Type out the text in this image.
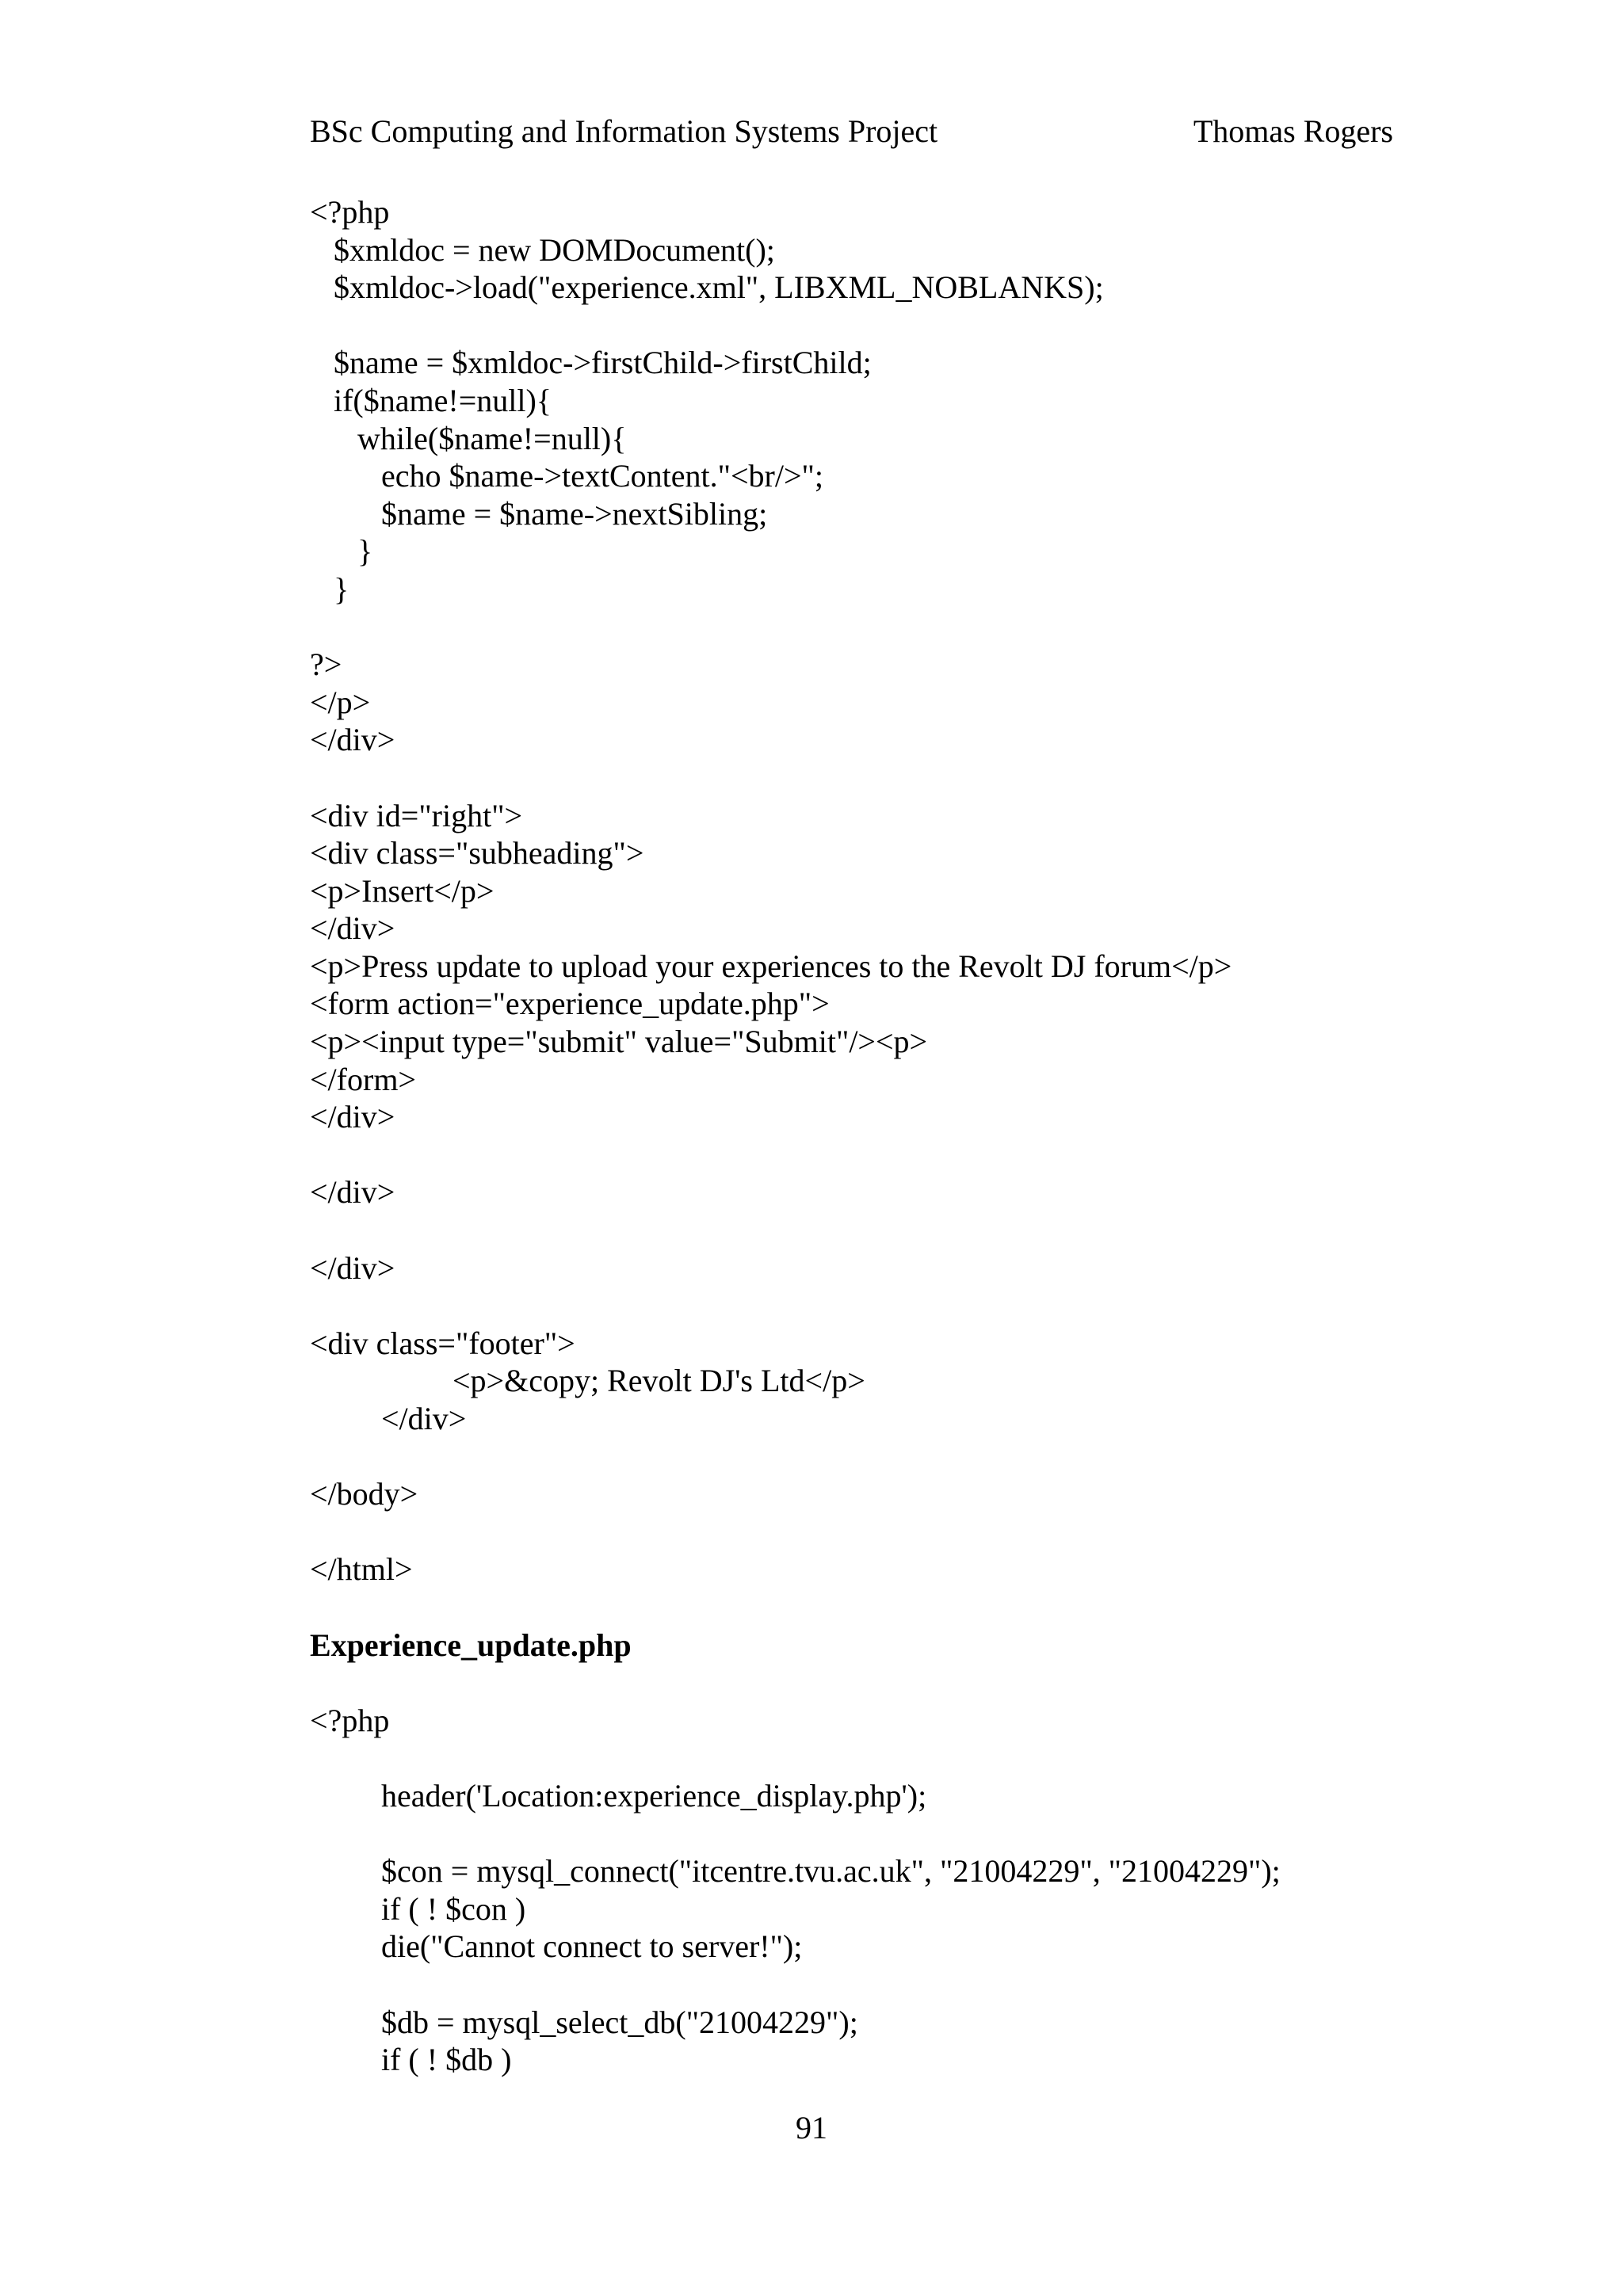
BSc Computing and Information Systems Project	Thomas Rogers
<?php
$xmldoc = new DOMDocument();
$xmldoc->load("experience.xml", LIBXML_NOBLANKS);
$name = $xmldoc->firstChild->firstChild;
if($name!=null){
while($name!=null){
echo $name->textContent."<br/>";
$name = $name->nextSibling;
}
}
?>
</p>
</div>
<div id="right">
<div class="subheading">
<p>Insert</p>
</div>
<p>Press update to upload your experiences to the Revolt DJ forum</p>
<form action="experience_update.php">
<p><input type="submit" value="Submit"/><p>
</form>
</div>
</div>
</div>
<div class="footer">
<p>&copy; Revolt DJ's Ltd</p>
</div>
</body>
</html>
Experience_update.php
<?php
header('Location:experience_display.php');
$con = mysql_connect("itcentre.tvu.ac.uk", "21004229", "21004229");
if ( ! $con )
die("Cannot connect to server!");
$db = mysql_select_db("21004229");
if ( ! $db )
91
